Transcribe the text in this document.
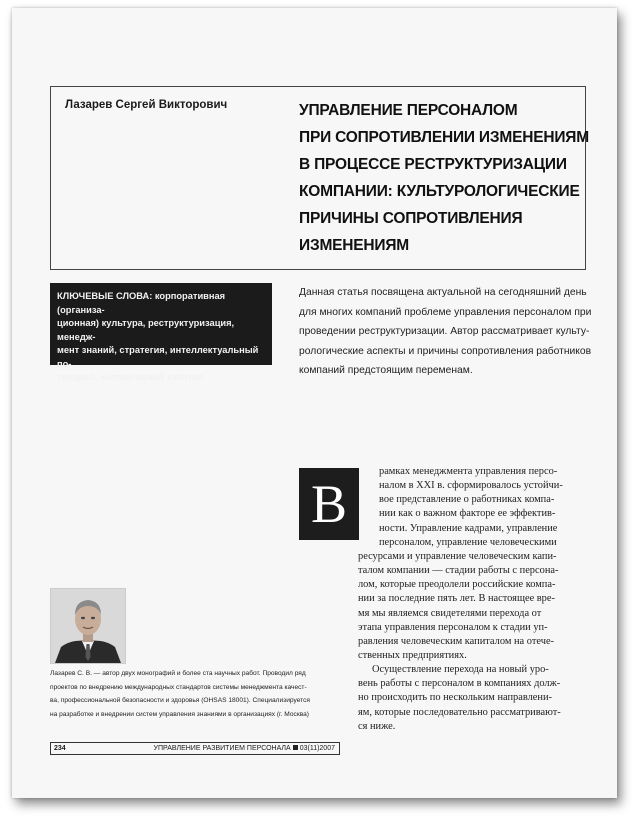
Лазарев Сергей Викторович	УПРАВЛЕНИЕ ПЕРСОНАЛОМ
ПРИ СОПРОТИВЛЕНИИ ИЗМЕНЕНИЯМ
В ПРОЦЕССЕ РЕСТРУКТУРИЗАЦИИ
КОМПАНИИ: КУЛЬТУРОЛОГИЧЕСКИЕ
ПРИЧИНЫ СОПРОТИВЛЕНИЯ
ИЗМЕНЕНИЯМ
КЛЮЧЕВЫЕ СЛОВА: корпоративная (организа-
ционная) культура, реструктуризация, менедж-
мент знаний, стратегия, интеллектуальный по-
тенциал, человеческий капитал
Данная статья посвящена актуальной на сегодняшний день
для многих компаний проблеме управления персоналом при
проведении реструктуризации. Автор рассматривает культу-
рологические аспекты и причины сопротивления работников
компаний предстоящим переменам.
В
рамках менеджмента управления персо-
налом в XXI в. сформировалось устойчи-
вое представление о работниках компа-
нии как о важном факторе ее эффектив-
ности. Управление кадрами, управление
персоналом, управление человеческими
ресурсами и управление человеческим капи-
талом компании — стадии работы с персона-
лом, которые преодолели российские компа-
нии за последние пять лет. В настоящее вре-
мя мы являемся свидетелями перехода от
этапа управления персоналом к стадии уп-
равления человеческим капиталом на отече-
ственных предприятиях.
Осуществление перехода на новый уро-
вень работы с персоналом в компаниях долж-
но происходить по нескольким направлени-
ям, которые последовательно рассматривают-
ся ниже.
Лазарев С. В. — автор двух монографий и более ста научных работ. Проводил ряд
проектов по внедрению международных стандартов системы менеджмента качест-
ва, профессиональной безопасности и здоровья (OHSAS 18001). Специализируется
на разработке и внедрении систем управления знаниями в организациях (г. Москва)
234	УПРАВЛЕНИЕ РАЗВИТИЕМ ПЕРСОНАЛА 03(11)2007
